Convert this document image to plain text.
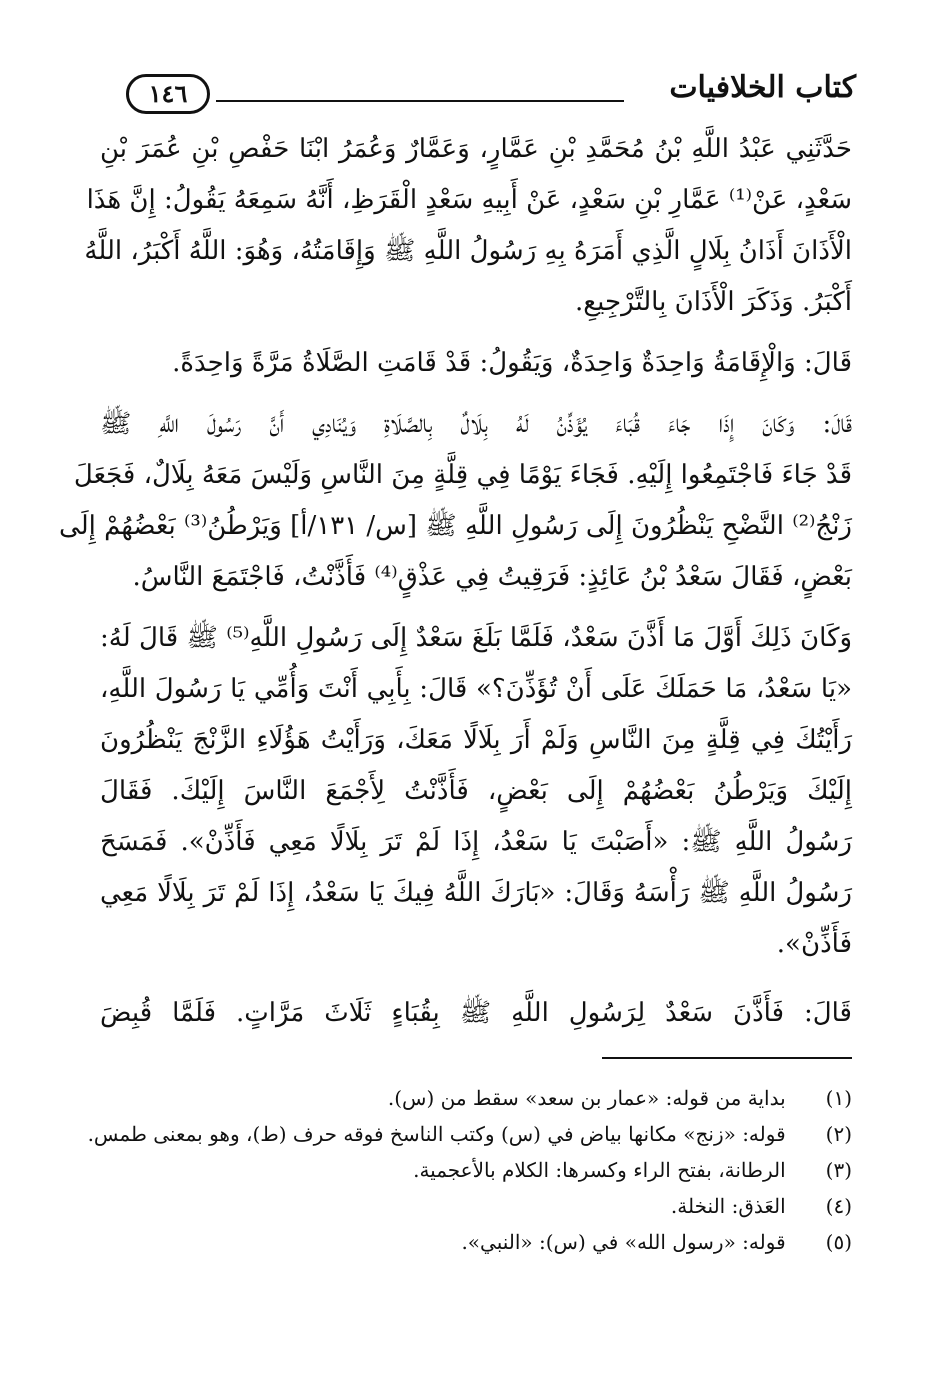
كتاب الخلافيات
١٤٦
حَدَّثَنِي عَبْدُ اللَّهِ بْنُ مُحَمَّدِ بْنِ عَمَّارٍ، وَعَمَّارٌ وَعُمَرُ ابْنَا حَفْصِ بْنِ عُمَرَ بْنِ
سَعْدٍ، عَنْ⁽¹⁾ عَمَّارِ بْنِ سَعْدٍ، عَنْ أَبِيهِ سَعْدٍ الْقَرَظِ، أَنَّهُ سَمِعَهُ يَقُولُ: إِنَّ هَذَا
الْأَذَانَ أَذَانُ بِلَالٍ الَّذِي أَمَرَهُ بِهِ رَسُولُ اللَّهِ ﷺ وَإِقَامَتُهُ، وَهُوَ: اللَّهُ أَكْبَرُ، اللَّهُ
أَكْبَرُ. وَذَكَرَ الْأَذَانَ بِالتَّرْجِيعِ.
قَالَ: وَالْإِقَامَةُ وَاحِدَةٌ وَاحِدَةٌ، وَيَقُولُ: قَدْ قَامَتِ الصَّلَاةُ مَرَّةً وَاحِدَةً.
قَالَ: وَكَانَ إِذَا جَاءَ قُبَاءَ يُؤَذِّنُ لَهُ بِلَالٌ بِالصَّلَاةِ وَيُنَادِي أَنَّ رَسُولَ اللَّهِ ﷺ
قَدْ جَاءَ فَاجْتَمِعُوا إِلَيْهِ. فَجَاءَ يَوْمًا فِي قِلَّةٍ مِنَ النَّاسِ وَلَيْسَ مَعَهُ بِلَالٌ، فَجَعَلَ
زَنْجُ⁽²⁾ النَّضْحِ يَنْظُرُونَ إِلَى رَسُولِ اللَّهِ ﷺ [س/ ١٣١/أ] وَيَرْطُنُ⁽³⁾ بَعْضُهُمْ إِلَى
بَعْضٍ، فَقَالَ سَعْدُ بْنُ عَائِذٍ: فَرَقِيتُ فِي عَذْقٍ⁽⁴⁾ فَأَذَّنْتُ، فَاجْتَمَعَ النَّاسُ.
وَكَانَ ذَلِكَ أَوَّلَ مَا أَذَّنَ سَعْدٌ، فَلَمَّا بَلَغَ سَعْدٌ إِلَى رَسُولِ اللَّهِ⁽⁵⁾ ﷺ قَالَ لَهُ:
«يَا سَعْدُ، مَا حَمَلَكَ عَلَى أَنْ تُؤَذِّنَ؟» قَالَ: بِأَبِي أَنْتَ وَأُمِّي يَا رَسُولَ اللَّهِ،
رَأَيْتُكَ فِي قِلَّةٍ مِنَ النَّاسِ وَلَمْ أَرَ بِلَالًا مَعَكَ، وَرَأَيْتُ هَؤُلَاءِ الزَّنْجَ يَنْظُرُونَ
إِلَيْكَ وَيَرْطُنُ بَعْضُهُمْ إِلَى بَعْضٍ، فَأَذَّنْتُ لِأَجْمَعَ النَّاسَ إِلَيْكَ. فَقَالَ
رَسُولُ اللَّهِ ﷺ: «أَصَبْتَ يَا سَعْدُ، إِذَا لَمْ تَرَ بِلَالًا مَعِي فَأَذِّنْ». فَمَسَحَ
رَسُولُ اللَّهِ ﷺ رَأْسَهُ وَقَالَ: «بَارَكَ اللَّهُ فِيكَ يَا سَعْدُ، إِذَا لَمْ تَرَ بِلَالًا مَعِي
فَأَذِّنْ».
قَالَ: فَأَذَّنَ سَعْدٌ لِرَسُولِ اللَّهِ ﷺ بِقُبَاءٍ ثَلَاثَ مَرَّاتٍ. فَلَمَّا قُبِضَ
(١) بداية من قوله: «عمار بن سعد» سقط من (س).
(٢) قوله: «زنج» مكانها بياض في (س) وكتب الناسخ فوقه حرف (ط)، وهو بمعنى طمس.
(٣) الرطانة، بفتح الراء وكسرها: الكلام بالأعجمية.
(٤) العَذق: النخلة.
(٥) قوله: «رسول الله» في (س): «النبي».
